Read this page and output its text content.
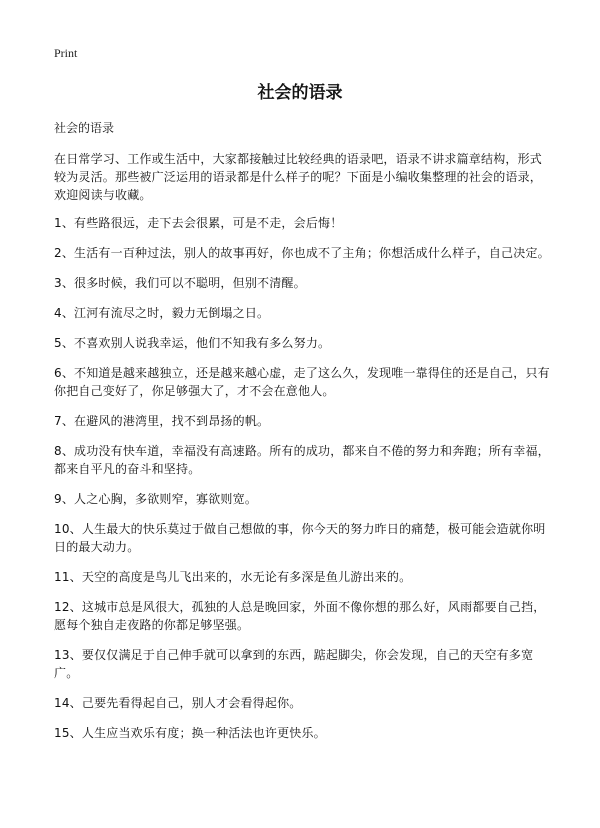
Print
社会的语录
社会的语录

在日常学习、工作或生活中，大家都接触过比较经典的语录吧，语录不讲求篇章结构，形式较为灵活。那些被广泛运用的语录都是什么样子的呢？下面是小编收集整理的社会的语录，欢迎阅读与收藏。

1、有些路很远，走下去会很累，可是不走，会后悔！

2、生活有一百种过法，别人的故事再好，你也成不了主角；你想活成什么样子，自己决定。

3、很多时候，我们可以不聪明，但别不清醒。

4、江河有流尽之时，毅力无倒塌之日。

5、不喜欢别人说我幸运，他们不知我有多么努力。

6、不知道是越来越独立，还是越来越心虚，走了这么久，发现唯一靠得住的还是自己，只有你把自己变好了，你足够强大了，才不会在意他人。

7、在避风的港湾里，找不到昂扬的帆。

8、成功没有快车道，幸福没有高速路。所有的成功，都来自不倦的努力和奔跑；所有幸福，都来自平凡的奋斗和坚持。

9、人之心胸，多欲则窄，寡欲则宽。

10、人生最大的快乐莫过于做自己想做的事，你今天的努力昨日的痛楚，极可能会造就你明日的最大动力。

11、天空的高度是鸟儿飞出来的，水无论有多深是鱼儿游出来的。

12、这城市总是风很大，孤独的人总是晚回家，外面不像你想的那么好，风雨都要自己挡，愿每个独自走夜路的你都足够坚强。

13、要仅仅满足于自己伸手就可以拿到的东西，踮起脚尖，你会发现，自己的天空有多宽广。

14、己要先看得起自己，别人才会看得起你。

15、人生应当欢乐有度；换一种活法也许更快乐。
